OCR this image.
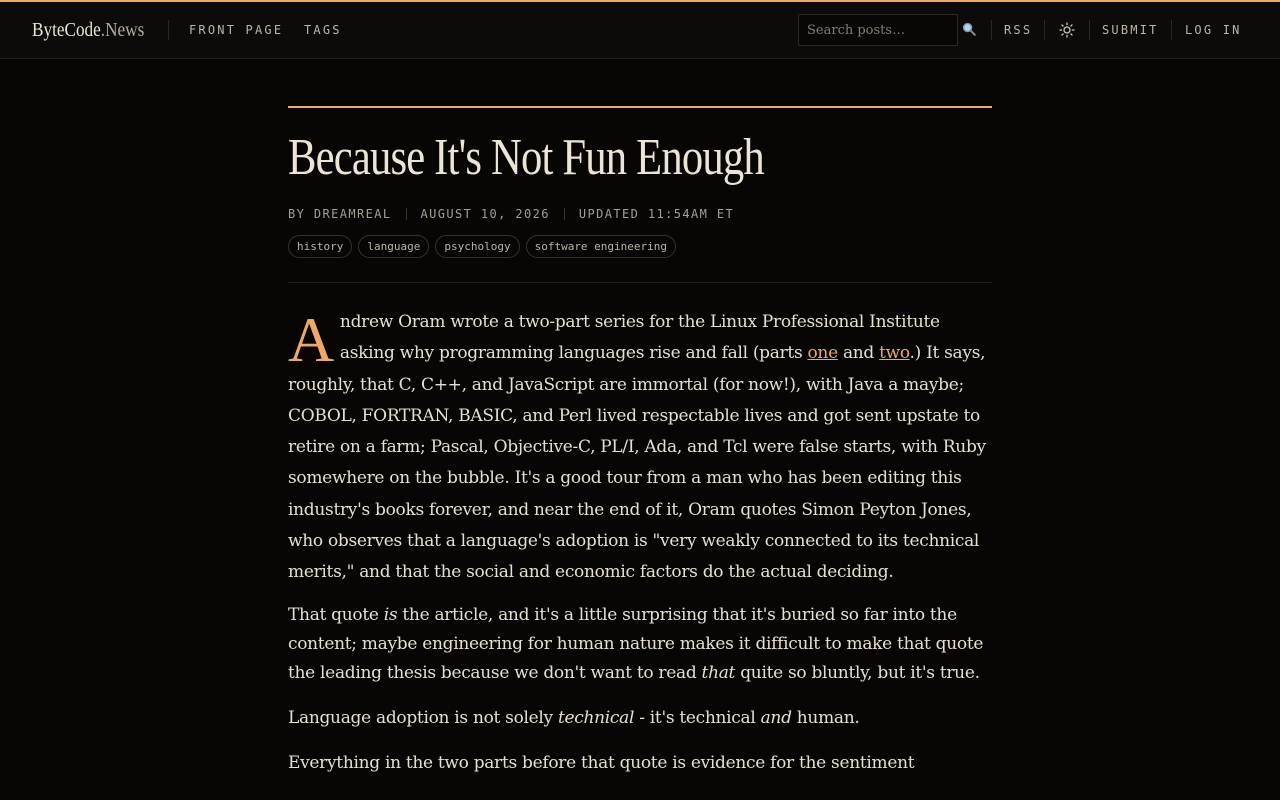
ByteCode.News	FRONT PAGE TAGS
Search posts…	RSS	SUBMIT LOG IN
Because It's Not Fun Enough
BY DREAMREAL AUGUST 10, 2026 UPDATED 11:54AM ET
history	language	psychology	software engineering

Andrew Oram wrote a two-part series for the Linux Professional Institute asking why programming languages rise and fall (parts one and two.) It says, roughly, that C, C++, and JavaScript are immortal (for now!), with Java a maybe; COBOL, FORTRAN, BASIC, and Perl lived respectable lives and got sent upstate to retire on a farm; Pascal, Objective-C, PL/I, Ada, and Tcl were false starts, with Ruby somewhere on the bubble. It's a good tour from a man who has been editing this industry's books forever, and near the end of it, Oram quotes Simon Peyton Jones, who observes that a language's adoption is "very weakly connected to its technical merits," and that the social and economic factors do the actual deciding.

That quote is the article, and it's a little surprising that it's buried so far into the content; maybe engineering for human nature makes it difficult to make that quote the leading thesis because we don't want to read that quite so bluntly, but it's true.

Language adoption is not solely technical - it's technical and human.

Everything in the two parts before that quote is evidence for the sentiment
